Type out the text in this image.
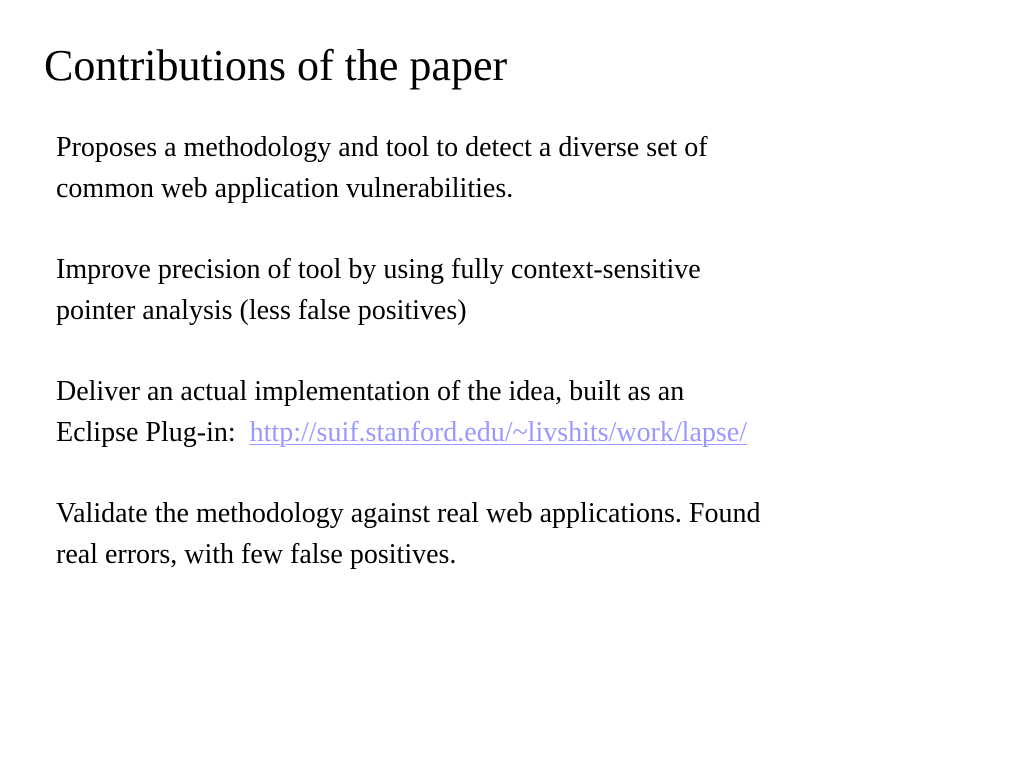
Contributions of the paper

Proposes a methodology and tool to detect a diverse set of
common web application vulnerabilities.

Improve precision of tool by using fully context-sensitive
pointer analysis (less false positives)

Deliver an actual implementation of the idea, built as an
Eclipse Plug-in:  http://suif.stanford.edu/~livshits/work/lapse/

Validate the methodology against real web applications. Found
real errors, with few false positives.
